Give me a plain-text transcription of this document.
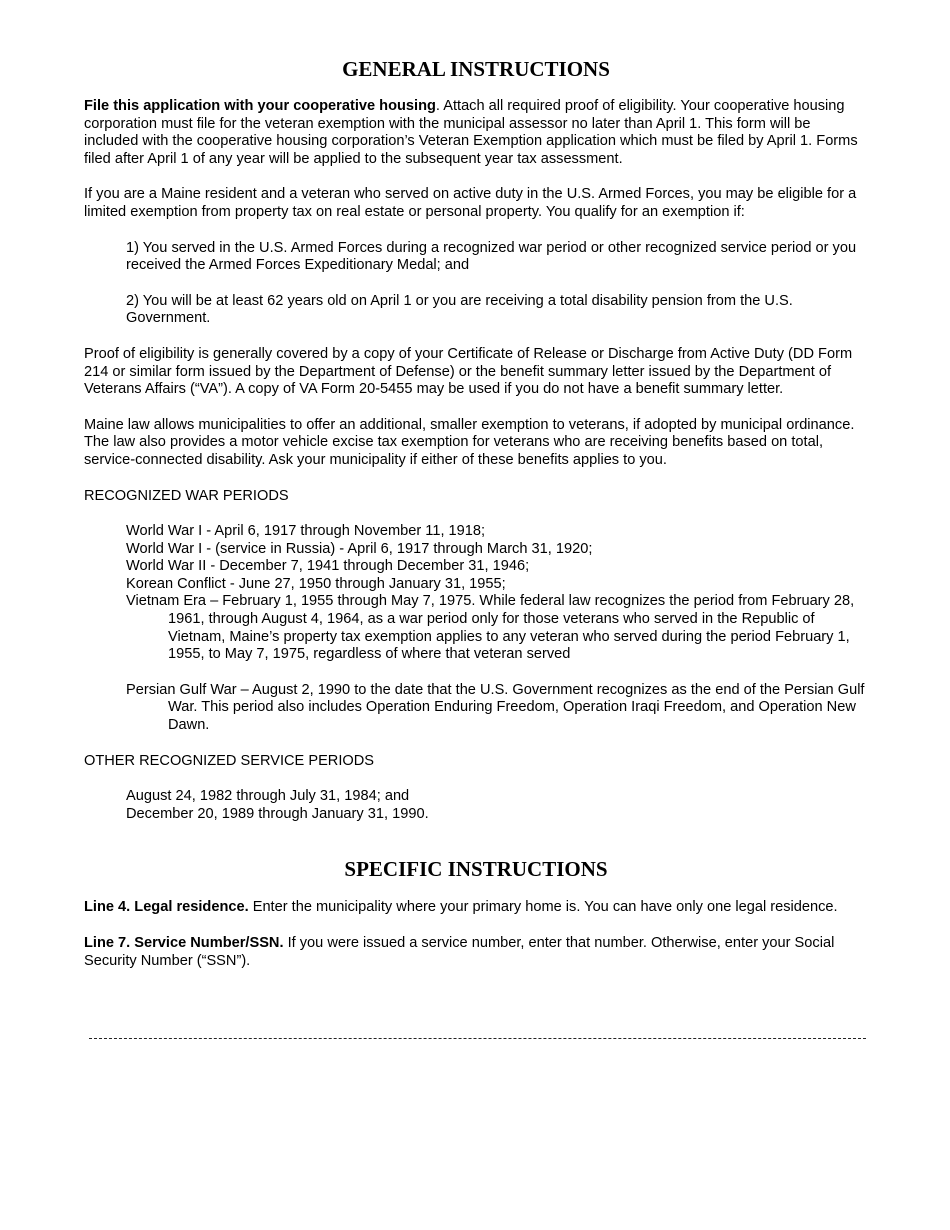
GENERAL INSTRUCTIONS

File this application with your cooperative housing. Attach all required proof of eligibility. Your cooperative housing corporation must file for the veteran exemption with the municipal assessor no later than April 1. This form will be included with the cooperative housing corporation’s Veteran Exemption application which must be filed by April 1. Forms filed after April 1 of any year will be applied to the subsequent year tax assessment.

If you are a Maine resident and a veteran who served on active duty in the U.S. Armed Forces, you may be eligible for a limited exemption from property tax on real estate or personal property. You qualify for an exemption if:

1) You served in the U.S. Armed Forces during a recognized war period or other recognized service period or you received the Armed Forces Expeditionary Medal; and

2) You will be at least 62 years old on April 1 or you are receiving a total disability pension from the U.S. Government.

Proof of eligibility is generally covered by a copy of your Certificate of Release or Discharge from Active Duty (DD Form 214 or similar form issued by the Department of Defense) or the benefit summary letter issued by the Department of Veterans Affairs (“VA”). A copy of VA Form 20-5455 may be used if you do not have a benefit summary letter.

Maine law allows municipalities to offer an additional, smaller exemption to veterans, if adopted by municipal ordinance. The law also provides a motor vehicle excise tax exemption for veterans who are receiving benefits based on total, service-connected disability. Ask your municipality if either of these benefits applies to you.

RECOGNIZED WAR PERIODS

World War I - April 6, 1917 through November 11, 1918;

World War I - (service in Russia) - April 6, 1917 through March 31, 1920;

World War II - December 7, 1941 through December 31, 1946;

Korean Conflict - June 27, 1950 through January 31, 1955;

Vietnam Era – February 1, 1955 through May 7, 1975. While federal law recognizes the period from February 28, 1961, through August 4, 1964, as a war period only for those veterans who served in the Republic of Vietnam, Maine’s property tax exemption applies to any veteran who served during the period February 1, 1955, to May 7, 1975, regardless of where that veteran served

Persian Gulf War – August 2, 1990 to the date that the U.S. Government recognizes as the end of the Persian Gulf War. This period also includes Operation Enduring Freedom, Operation Iraqi Freedom, and Operation New Dawn.

OTHER RECOGNIZED SERVICE PERIODS

August 24, 1982 through July 31, 1984; and

December 20, 1989 through January 31, 1990.

SPECIFIC INSTRUCTIONS

Line 4. Legal residence. Enter the municipality where your primary home is. You can have only one legal residence.

Line 7. Service Number/SSN. If you were issued a service number, enter that number. Otherwise, enter your Social Security Number (“SSN”).
